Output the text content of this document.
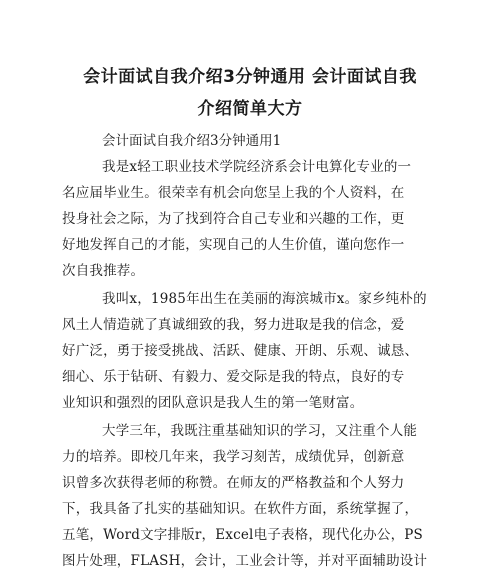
会计面试自我介绍3分钟通用 会计面试自我
介绍简单大方
会计面试自我介绍3分钟通用1
我是x轻工职业技术学院经济系会计电算化专业的一
名应届毕业生。很荣幸有机会向您呈上我的个人资料，在
投身社会之际，为了找到符合自己专业和兴趣的工作，更
好地发挥自己的才能，实现自己的人生价值，谨向您作一
次自我推荐。
我叫x，1985年出生在美丽的海滨城市x。家乡纯朴的
风土人情造就了真诚细致的我，努力进取是我的信念，爱
好广泛，勇于接受挑战、活跃、健康、开朗、乐观、诚恳、
细心、乐于钻研、有毅力、爱交际是我的特点，良好的专
业知识和强烈的团队意识是我人生的第一笔财富。
大学三年，我既注重基础知识的学习，又注重个人能
力的培养。即校几年来，我学习刻苦，成绩优异，创新意
识曾多次获得老师的称赞。在师友的严格教益和个人努力
下，我具备了扎实的基础知识。在软件方面，系统掌握了，
五笔，Word文字排版r，Excel电子表格，现代化办公，PS
图片处理，FLASH，会计，工业会计等，并对平面辅助设计
